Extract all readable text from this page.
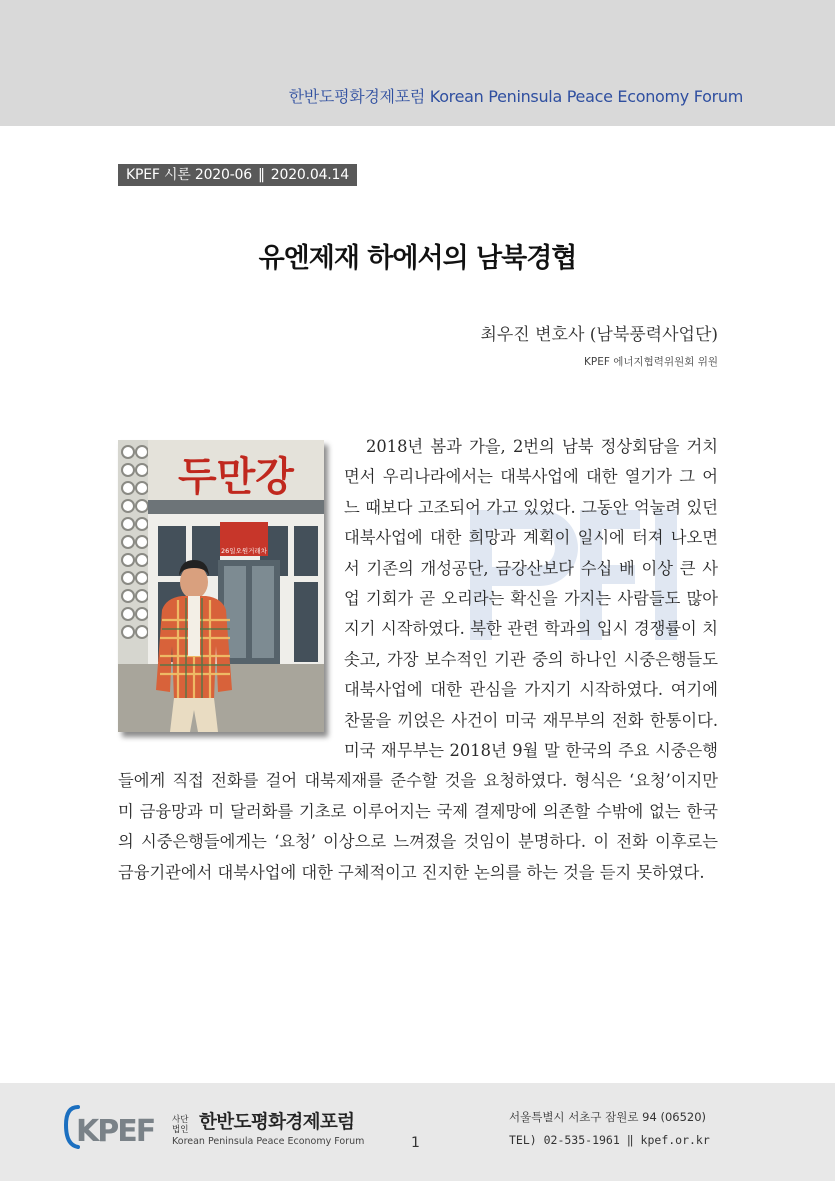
한반도평화경제포럼 Korean Peninsula Peace Economy Forum
KPEF 시론 2020-06 ‖ 2020.04.14
유엔제재 하에서의 남북경협
최우진 변호사 (남북풍력사업단)
KPEF 에너지협력위원회 위원
두만강
26일오원거래차

2018년 봄과 가을, 2번의 남북 정상회담을 거치면서 우리나라에서는 대북사업에 대한 열기가 그 어느 때보다 고조되어 가고 있었다. 그동안 억눌려 있던 대북사업에 대한 희망과 계획이 일시에 터져 나오면서 기존의 개성공단, 금강산보다 수십 배 이상 큰 사업 기회가 곧 오리라는 확신을 가지는 사람들도 많아지기 시작하였다. 북한 관련 학과의 입시 경쟁률이 치솟고, 가장 보수적인 기관 중의 하나인 시중은행들도 대북사업에 대한 관심을 가지기 시작하였다. 여기에 찬물을 끼얹은 사건이 미국 재무부의 전화 한통이다. 미국 재무부는 2018년 9월 말 한국의 주요 시중은행들에게 직접 전화를 걸어 대북제재를 준수할 것을 요청하였다. 형식은 ‘요청’이지만 미 금융망과 미 달러화를 기초로 이루어지는 국제 결제망에 의존할 수밖에 없는 한국의 시중은행들에게는 ‘요청’ 이상으로 느껴졌을 것임이 분명하다. 이 전화 이후로는 금융기관에서 대북사업에 대한 구체적이고 진지한 논의를 하는 것을 듣지 못하였다.

KPEF 사단 법인 한반도평화경제포럼
Korean Peninsula Peace Economy Forum	1
서울특별시 서초구 잠원로 94 (06520)
TEL) 02-535-1961 ‖ kpef.or.kr
